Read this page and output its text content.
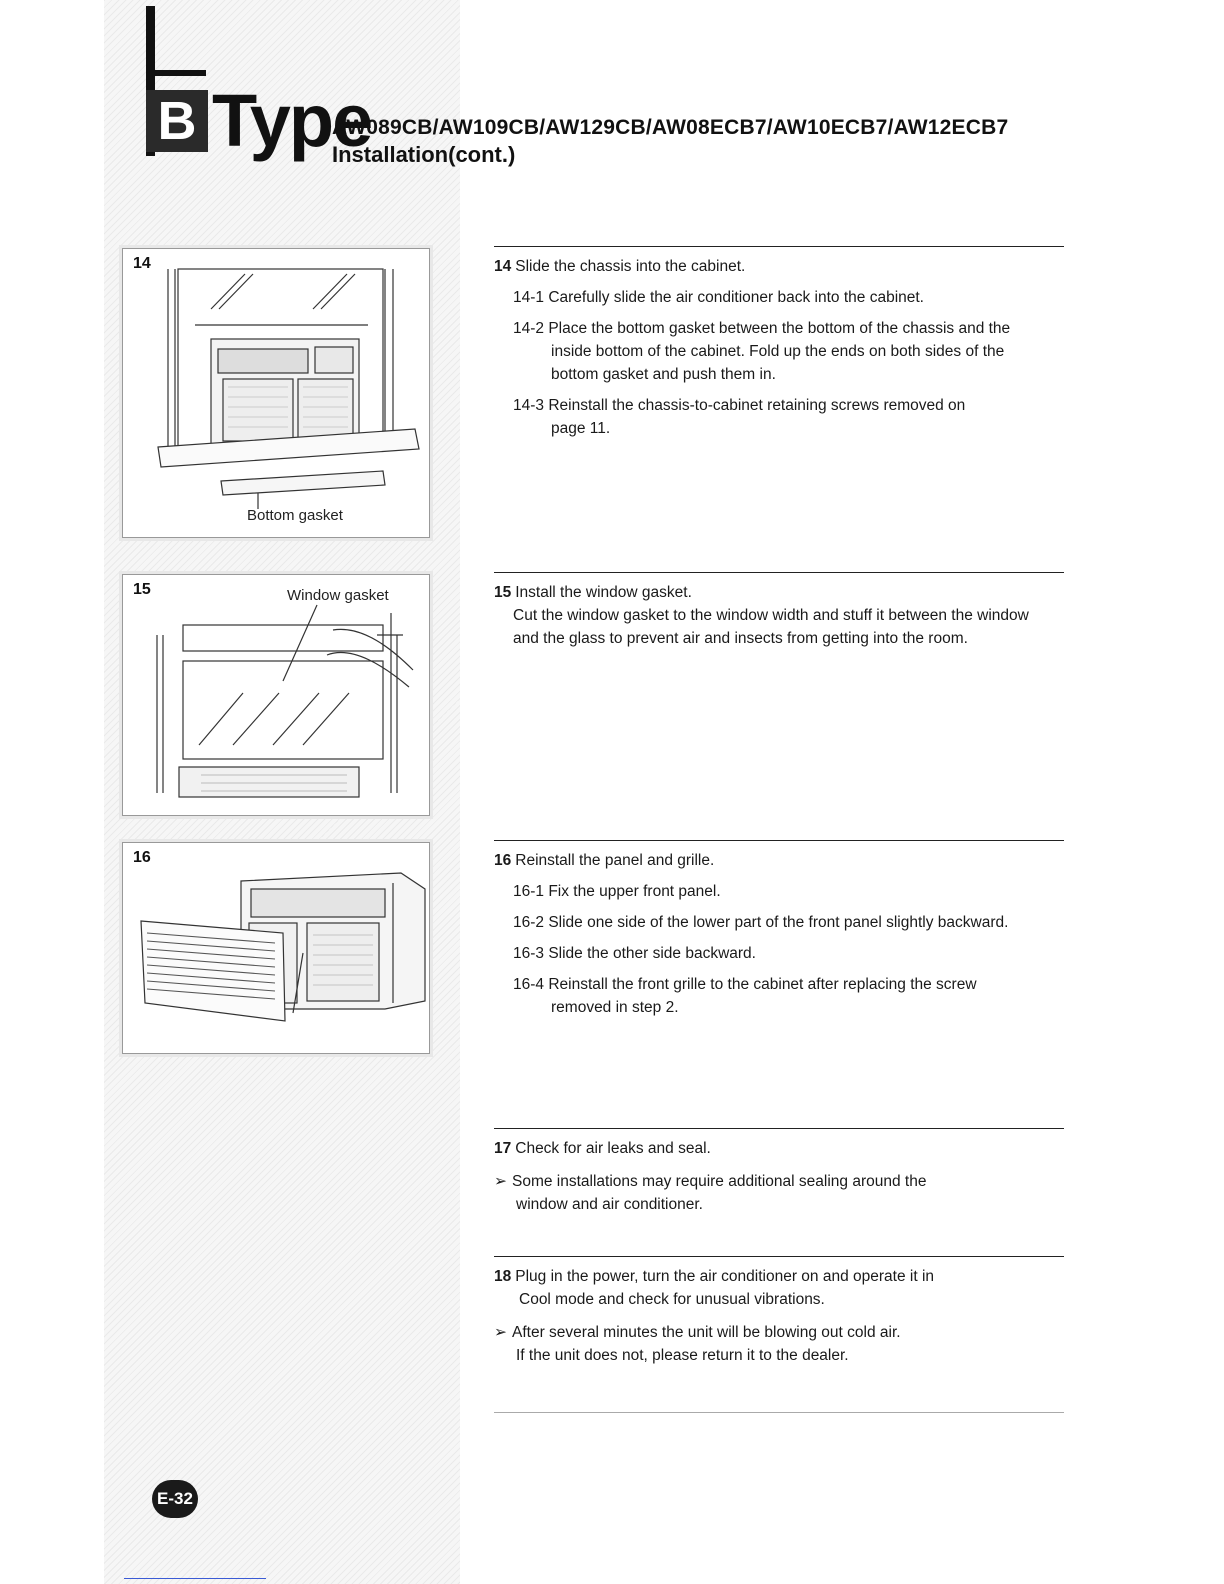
B Type
AW089CB/AW109CB/AW129CB/AW08ECB7/AW10ECB7/AW12ECB7
Installation(cont.)
14
Bottom gasket
15	Window gasket
16

14 Slide the chassis into the cabinet.

14-1 Carefully slide the air conditioner back into the cabinet.

14-2 Place the bottom gasket between the bottom of the chassis and the

inside bottom of the cabinet. Fold up the ends on both sides of the

bottom gasket and push them in.

14-3 Reinstall the chassis-to-cabinet retaining screws removed on

page 11.

15 Install the window gasket.

Cut the window gasket to the window width and stuff it between the window

and the glass to prevent air and insects from getting into the room.

16 Reinstall the panel and grille.

16-1 Fix the upper front panel.

16-2 Slide one side of the lower part of the front panel slightly backward.

16-3 Slide the other side backward.

16-4 Reinstall the front grille to the cabinet after replacing the screw

removed in step 2.

17 Check for air leaks and seal.

➢ Some installations may require additional sealing around the

window and air conditioner.

18 Plug in the power, turn the air conditioner on and operate it in

Cool mode and check for unusual vibrations.

➢ After several minutes the unit will be blowing out cold air.

If the unit does not, please return it to the dealer.

E-32
